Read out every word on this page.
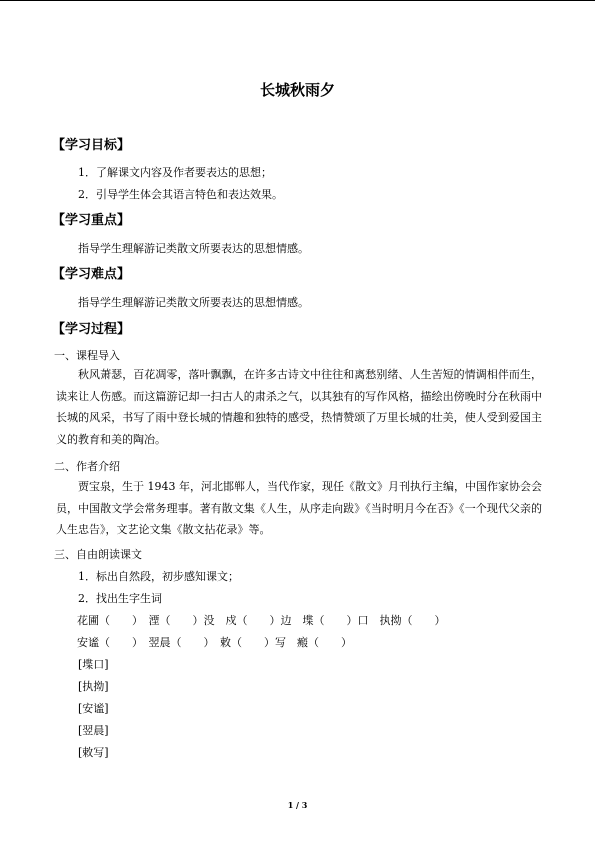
长城秋雨夕
【学习目标】
1．了解课文内容及作者要表达的思想；
2．引导学生体会其语言特色和表达效果。
【学习重点】
指导学生理解游记类散文所要表达的思想情感。
【学习难点】
指导学生理解游记类散文所要表达的思想情感。
【学习过程】
一、课程导入
秋风萧瑟，百花凋零，落叶飘飘，在许多古诗文中往往和离愁别绪、人生苦短的情调相伴而生，读来让人伤感。而这篇游记却一扫古人的肃杀之气，以其独有的写作风格，描绘出傍晚时分在秋雨中长城的风采，书写了雨中登长城的情趣和独特的感受，热情赞颂了万里长城的壮美，使人受到爱国主义的教育和美的陶冶。
二、作者介绍
贾宝泉，生于 1943 年，河北邯郸人，当代作家，现任《散文》月刊执行主编，中国作家协会会员，中国散文学会常务理事。著有散文集《人生，从序走向跋》《当时明月今在否》《一个现代父亲的人生忠告》，文艺论文集《散文拈花录》等。
三、自由朗读课文
1．标出自然段，初步感知课文；
2．找出生字生词
花圃（　　）　湮（　　）没　戍（　　）边　堞（　　）口　执拗（　　）
安谧（　　）　翌晨（　　）　敕（　　）写　瘢（　　）
[堞口]
[执拗]
[安谧]
[翌晨]
[敕写]
1 / 3
